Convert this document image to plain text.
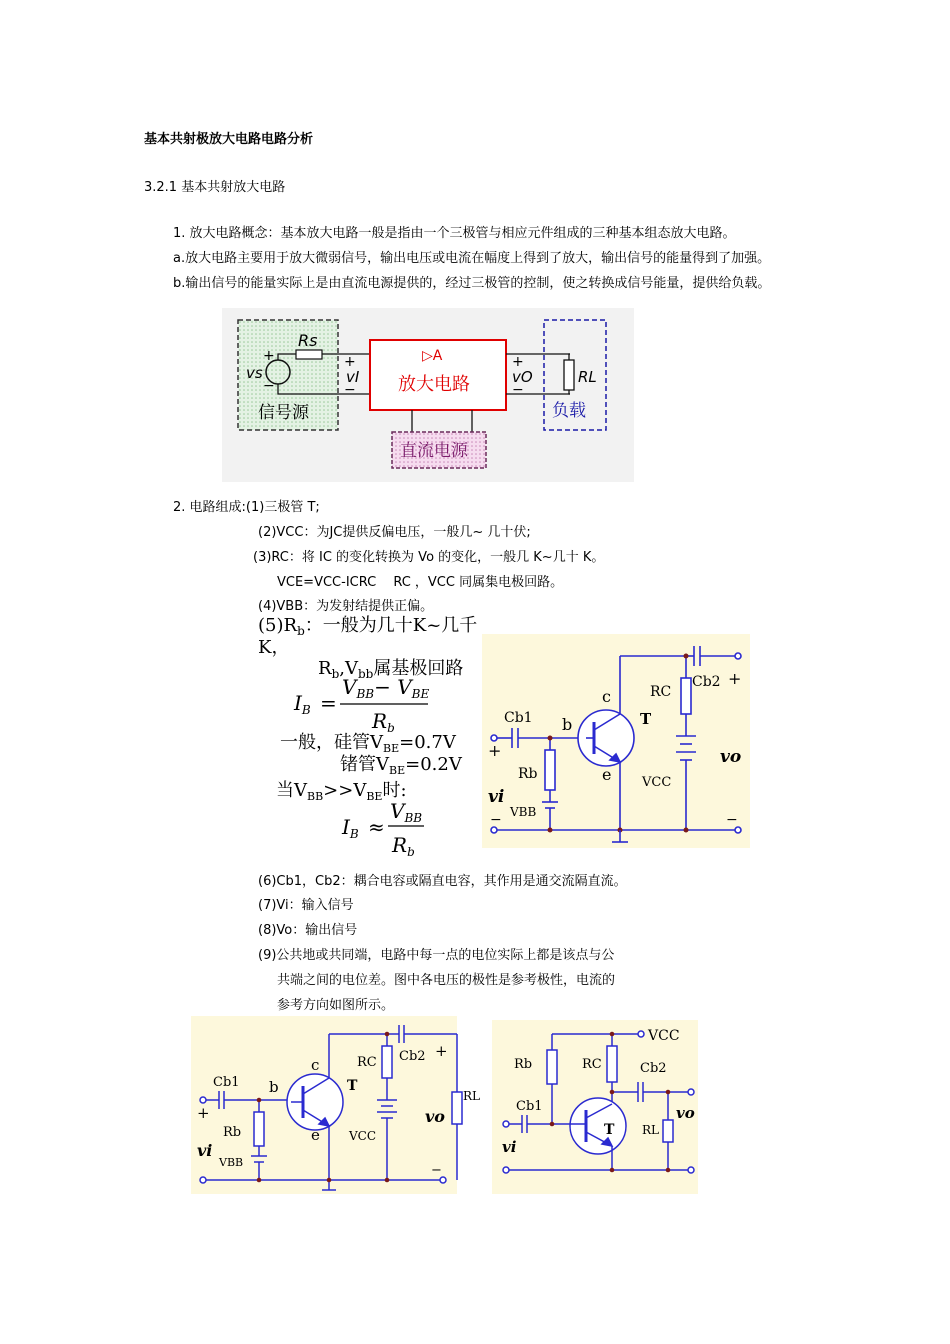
基本共射极放大电路电路分析
3.2.1 基本共射放大电路
1. 放大电路概念：基本放大电路一般是指由一个三极管与相应元件组成的三种基本组态放大电路。
a.放大电路主要用于放大微弱信号，输出电压或电流在幅度上得到了放大，输出信号的能量得到了加强。
b.输出信号的能量实际上是由直流电源提供的，经过三极管的控制，使之转换成信号能量，提供给负载。
Rs
vs
+
−
信号源
+
−
vI
▷A
放大电路
+
−
vO	RL
负载
直流电源
2. 电路组成:(1)三极管 T;
(2)VCC：为JC提供反偏电压，一般几~ 几十伏;
(3)RC：将 IC 的变化转换为 Vo 的变化，一般几 K~几十 K。
VCE=VCC-ICRC　 RC ，VCC 同属集电极回路。
(4)VBB：为发射结提供正偏。
$(5)R_b$：一般为几十K~几千
K，
$R_b,V_{bb}$属基极回路
$I_B$ =
$V_{BB}- V_{BE}$
$R_b$
一般，硅管$V_{BE}=0.7V$
锗管$V_{BE}=0.2V$
当$V_{BB}>>V_{BE}$时:
$I_B$ ≈
$V_{BB}$
$R_b$
Cb1 b
c
e
T
Rb
VBB
RC
Cb2 +
VCC
vo
+
vi
−	−
(6)Cb1，Cb2：耦合电容或隔直电容，其作用是通交流隔直流。
(7)Vi：输入信号
(8)Vo：输出信号
(9)公共地或共同端，电路中每一点的电位实际上都是该点与公
共端之间的电位差。图中各电压的极性是参考极性，电流的
参考方向如图所示。
Cb1 b
c
e
T
Rb
VBB
RC Cb2 +
VCC
vo
RL
+
vi
−
VCC
Rb	RC	Cb2
Cb1
T RL
vo
vi
